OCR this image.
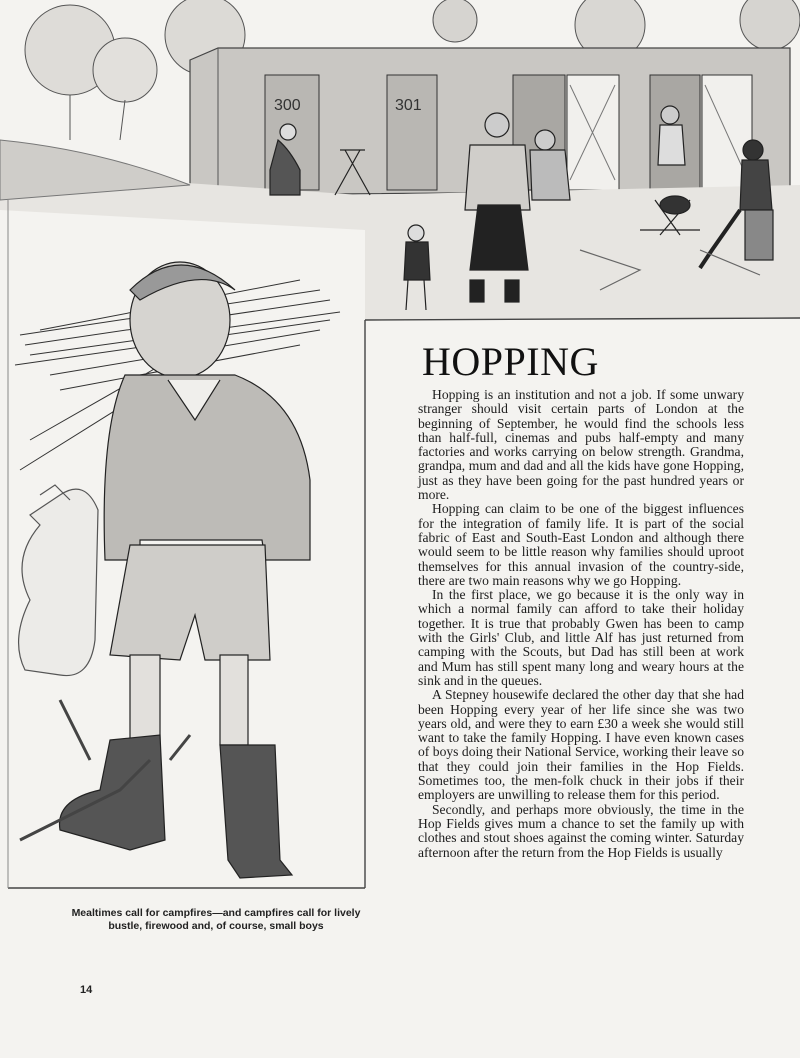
300	301
HOPPING

Hopping is an institution and not a job. If some unwary stranger should visit certain parts of London at the beginning of September, he would find the schools less than half-full, cinemas and pubs half-empty and many factories and works carrying on below strength. Grandma, grandpa, mum and dad and all the kids have gone Hopping, just as they have been going for the past hundred years or more.

Hopping can claim to be one of the biggest influences for the integration of family life. It is part of the social fabric of East and South-East London and although there would seem to be little reason why families should uproot themselves for this annual invasion of the country-side, there are two main reasons why we go Hopping.

In the first place, we go because it is the only way in which a normal family can afford to take their holiday together. It is true that probably Gwen has been to camp with the Girls' Club, and little Alf has just returned from camping with the Scouts, but Dad has still been at work and Mum has still spent many long and weary hours at the sink and in the queues.

A Stepney housewife declared the other day that she had been Hopping every year of her life since she was two years old, and were they to earn £30 a week she would still want to take the family Hopping. I have even known cases of boys doing their National Service, working their leave so that they could join their families in the Hop Fields. Sometimes too, the men-folk chuck in their jobs if their employers are unwilling to release them for this period.

Secondly, and perhaps more obviously, the time in the Hop Fields gives mum a chance to set the family up with clothes and stout shoes against the coming winter. Saturday afternoon after the return from the Hop Fields is usually

Mealtimes call for campfires—and campfires call for lively bustle, firewood and, of course, small boys
14
